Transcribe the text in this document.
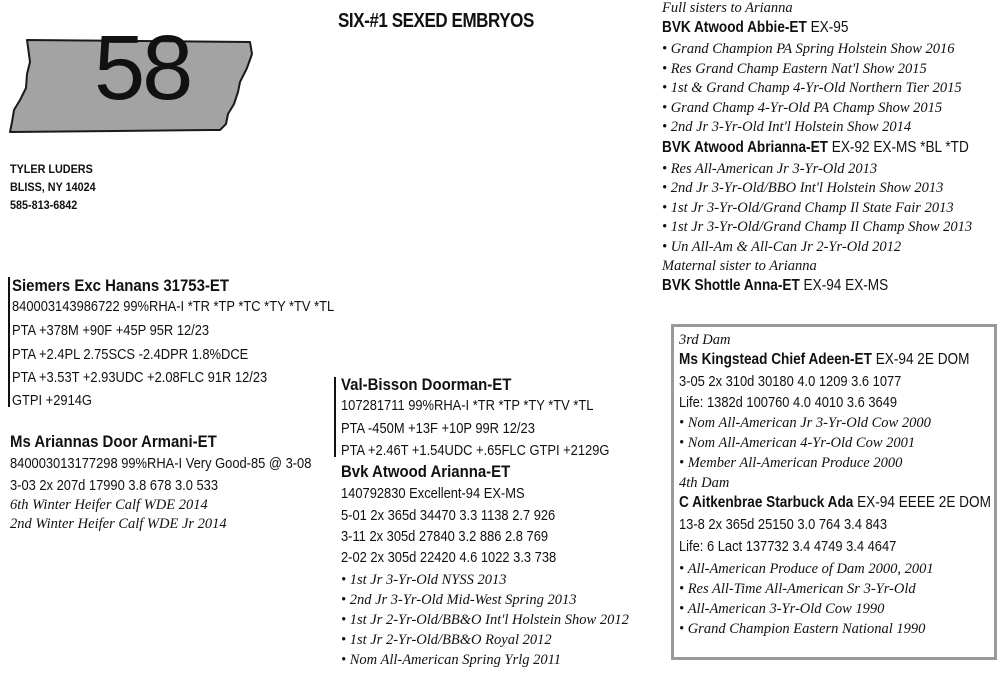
SIX-#1 SEXED EMBRYOS
58
TYLER LUDERS
BLISS, NY 14024
585-813-6842
Siemers Exc Hanans 31753-ET
840003143986722 99%RHA-I *TR *TP *TC *TY *TV *TL
PTA +378M +90F +45P 95R 12/23
PTA +2.4PL 2.75SCS -2.4DPR 1.8%DCE
PTA +3.53T +2.93UDC +2.08FLC 91R 12/23
GTPI +2914G
Ms Ariannas Door Armani-ET
840003013177298 99%RHA-I Very Good-85 @ 3-08
3-03 2x 207d 17990 3.8 678 3.0 533
6th Winter Heifer Calf WDE 2014
2nd Winter Heifer Calf WDE Jr 2014
Val-Bisson Doorman-ET
107281711 99%RHA-I *TR *TP *TY *TV *TL
PTA -450M +13F +10P 99R 12/23
PTA +2.46T +1.54UDC +.65FLC GTPI +2129G
Bvk Atwood Arianna-ET
140792830 Excellent-94 EX-MS
5-01 2x 365d 34470 3.3 1138 2.7 926
3-11 2x 305d 27840 3.2 886 2.8 769
2-02 2x 305d 22420 4.6 1022 3.3 738
• 1st Jr 3-Yr-Old NYSS 2013
• 2nd Jr 3-Yr-Old Mid-West Spring 2013
• 1st Jr 2-Yr-Old/BB&O Int'l Holstein Show 2012
• 1st Jr 2-Yr-Old/BB&O Royal 2012
• Nom All-American Spring Yrlg 2011
Full sisters to Arianna
BVK Atwood Abbie-ET EX-95
• Grand Champion PA Spring Holstein Show 2016
• Res Grand Champ Eastern Nat'l Show 2015
• 1st & Grand Champ 4-Yr-Old Northern Tier 2015
• Grand Champ 4-Yr-Old PA Champ Show 2015
• 2nd Jr 3-Yr-Old Int'l Holstein Show 2014
BVK Atwood Abrianna-ET EX-92 EX-MS *BL *TD
• Res All-American Jr 3-Yr-Old 2013
• 2nd Jr 3-Yr-Old/BBO Int'l Holstein Show 2013
• 1st Jr 3-Yr-Old/Grand Champ Il State Fair 2013
• 1st Jr 3-Yr-Old/Grand Champ Il Champ Show 2013
• Un All-Am & All-Can Jr 2-Yr-Old 2012
Maternal sister to Arianna
BVK Shottle Anna-ET EX-94 EX-MS
3rd Dam
Ms Kingstead Chief Adeen-ET EX-94 2E DOM
3-05 2x 310d 30180 4.0 1209 3.6 1077
Life: 1382d 100760 4.0 4010 3.6 3649
• Nom All-American Jr 3-Yr-Old Cow 2000
• Nom All-American 4-Yr-Old Cow 2001
• Member All-American Produce 2000
4th Dam
C Aitkenbrae Starbuck Ada EX-94 EEEE 2E DOM
13-8 2x 365d 25150 3.0 764 3.4 843
Life: 6 Lact 137732 3.4 4749 3.4 4647
• All-American Produce of Dam 2000, 2001
• Res All-Time All-American Sr 3-Yr-Old
• All-American 3-Yr-Old Cow 1990
• Grand Champion Eastern National 1990
